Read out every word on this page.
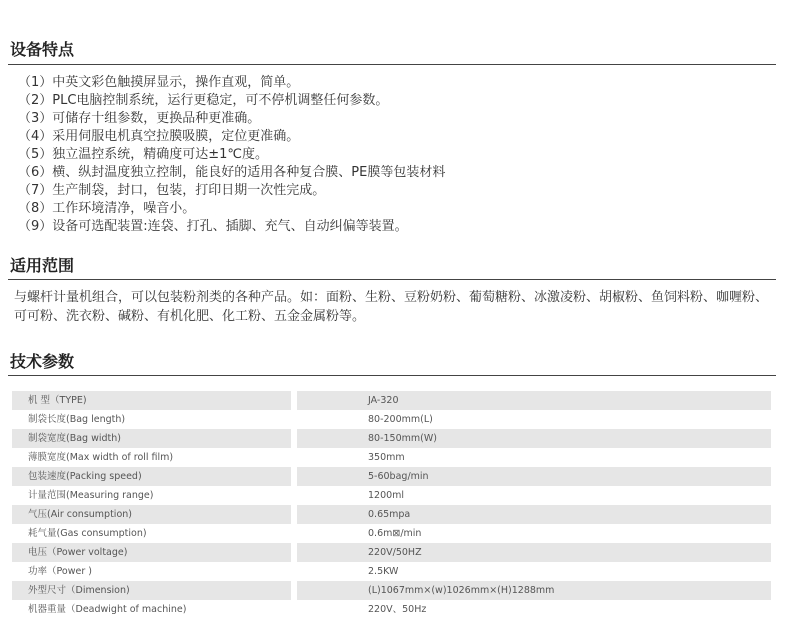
设备特点
（1）中英文彩色触摸屏显示，操作直观，简单。
（2）PLC电脑控制系统，运行更稳定，可不停机调整任何参数。
（3）可储存十组参数，更换品种更准确。
（4）采用伺服电机真空拉膜吸膜，定位更准确。
（5）独立温控系统，精确度可达±1℃度。
（6）横、纵封温度独立控制，能良好的适用各种复合膜、PE膜等包装材料
（7）生产制袋，封口，包装，打印日期一次性完成。
（8）工作环境清净，噪音小。
（9）设备可选配装置:连袋、打孔、插脚、充气、自动纠偏等装置。
适用范围

与螺杆计量机组合，可以包装粉剂类的各种产品。如：面粉、生粉、豆粉奶粉、葡萄糖粉、冰激凌粉、胡椒粉、鱼饲料粉、咖喱粉、可可粉、洗衣粉、碱粉、有机化肥、化工粉、五金金属粉等。

技术参数
机 型（TYPE)	JA-320
制袋长度(Bag length)	80-200mm(L)
制袋宽度(Bag width)	80-150mm(W)
薄膜宽度(Max width of roll film)	350mm
包装速度(Packing speed)	5-60bag/min
计量范围(Measuring range)	1200ml
气压(Air consumption)	0.65mpa
耗气量(Gas consumption)	0.6m⊠/min
电压（Power voltage)	220V/50HZ
功率（Power )	2.5KW
外型尺寸（Dimension)	(L)1067mm×(w)1026mm×(H)1288mm
机器重量（Deadwight of machine)	220V、50Hz
